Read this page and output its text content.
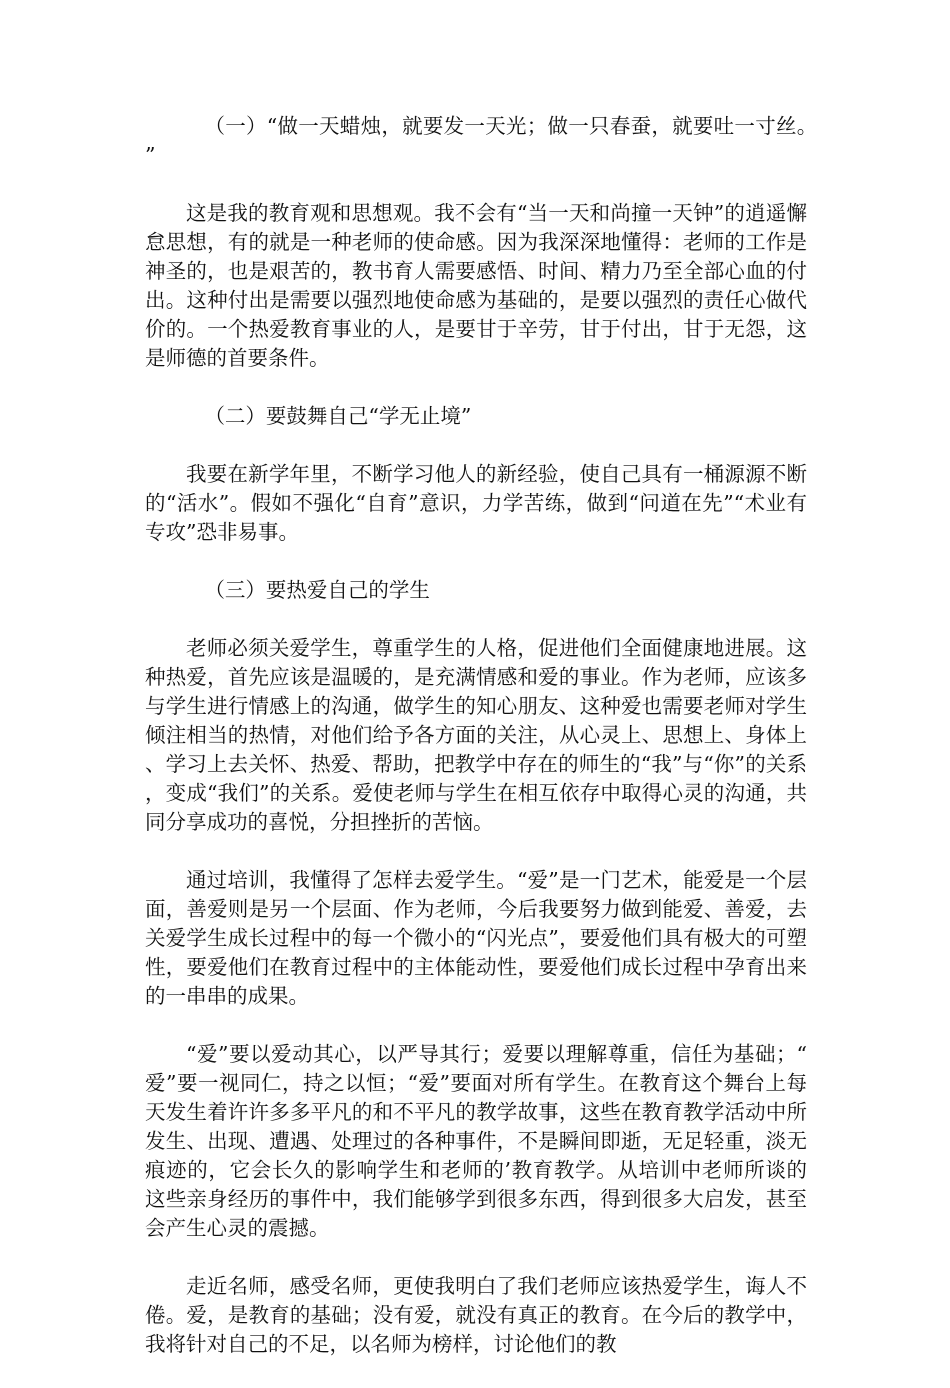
（一）“做一天蜡烛，就要发一天光；做一只春蚕，就要吐一寸丝。”

这是我的教育观和思想观。我不会有“当一天和尚撞一天钟”的逍遥懈怠思想，有的就是一种老师的使命感。因为我深深地懂得：老师的工作是神圣的，也是艰苦的，教书育人需要感悟、时间、精力乃至全部心血的付出。这种付出是需要以强烈地使命感为基础的，是要以强烈的责任心做代价的。一个热爱教育事业的人，是要甘于辛劳，甘于付出，甘于无怨，这是师德的首要条件。

（二）要鼓舞自己“学无止境”

我要在新学年里，不断学习他人的新经验，使自己具有一桶源源不断的“活水”。假如不强化“自育”意识，力学苦练，做到“问道在先”“术业有专攻”恐非易事。

（三）要热爱自己的学生

老师必须关爱学生，尊重学生的人格，促进他们全面健康地进展。这种热爱，首先应该是温暖的，是充满情感和爱的事业。作为老师，应该多与学生进行情感上的沟通，做学生的知心朋友、这种爱也需要老师对学生倾注相当的热情，对他们给予各方面的关注，从心灵上、思想上、身体上、学习上去关怀、热爱、帮助，把教学中存在的师生的“我”与“你”的关系，变成“我们”的关系。爱使老师与学生在相互依存中取得心灵的沟通，共同分享成功的喜悦，分担挫折的苦恼。

通过培训，我懂得了怎样去爱学生。“爱”是一门艺术，能爱是一个层面，善爱则是另一个层面、作为老师，今后我要努力做到能爱、善爱，去关爱学生成长过程中的每一个微小的“闪光点”，要爱他们具有极大的可塑性，要爱他们在教育过程中的主体能动性，要爱他们成长过程中孕育出来的一串串的成果。

“爱”要以爱动其心，以严导其行；爱要以理解尊重，信任为基础；“爱”要一视同仁，持之以恒；“爱”要面对所有学生。在教育这个舞台上每天发生着许许多多平凡的和不平凡的教学故事，这些在教育教学活动中所发生、出现、遭遇、处理过的各种事件，不是瞬间即逝，无足轻重，淡无痕迹的，它会长久的影响学生和老师的’教育教学。从培训中老师所谈的这些亲身经历的事件中，我们能够学到很多东西，得到很多大启发，甚至会产生心灵的震撼。

走近名师，感受名师，更使我明白了我们老师应该热爱学生，诲人不倦。爱，是教育的基础；没有爱，就没有真正的教育。在今后的教学中，我将针对自己的不足，以名师为榜样，讨论他们的教
